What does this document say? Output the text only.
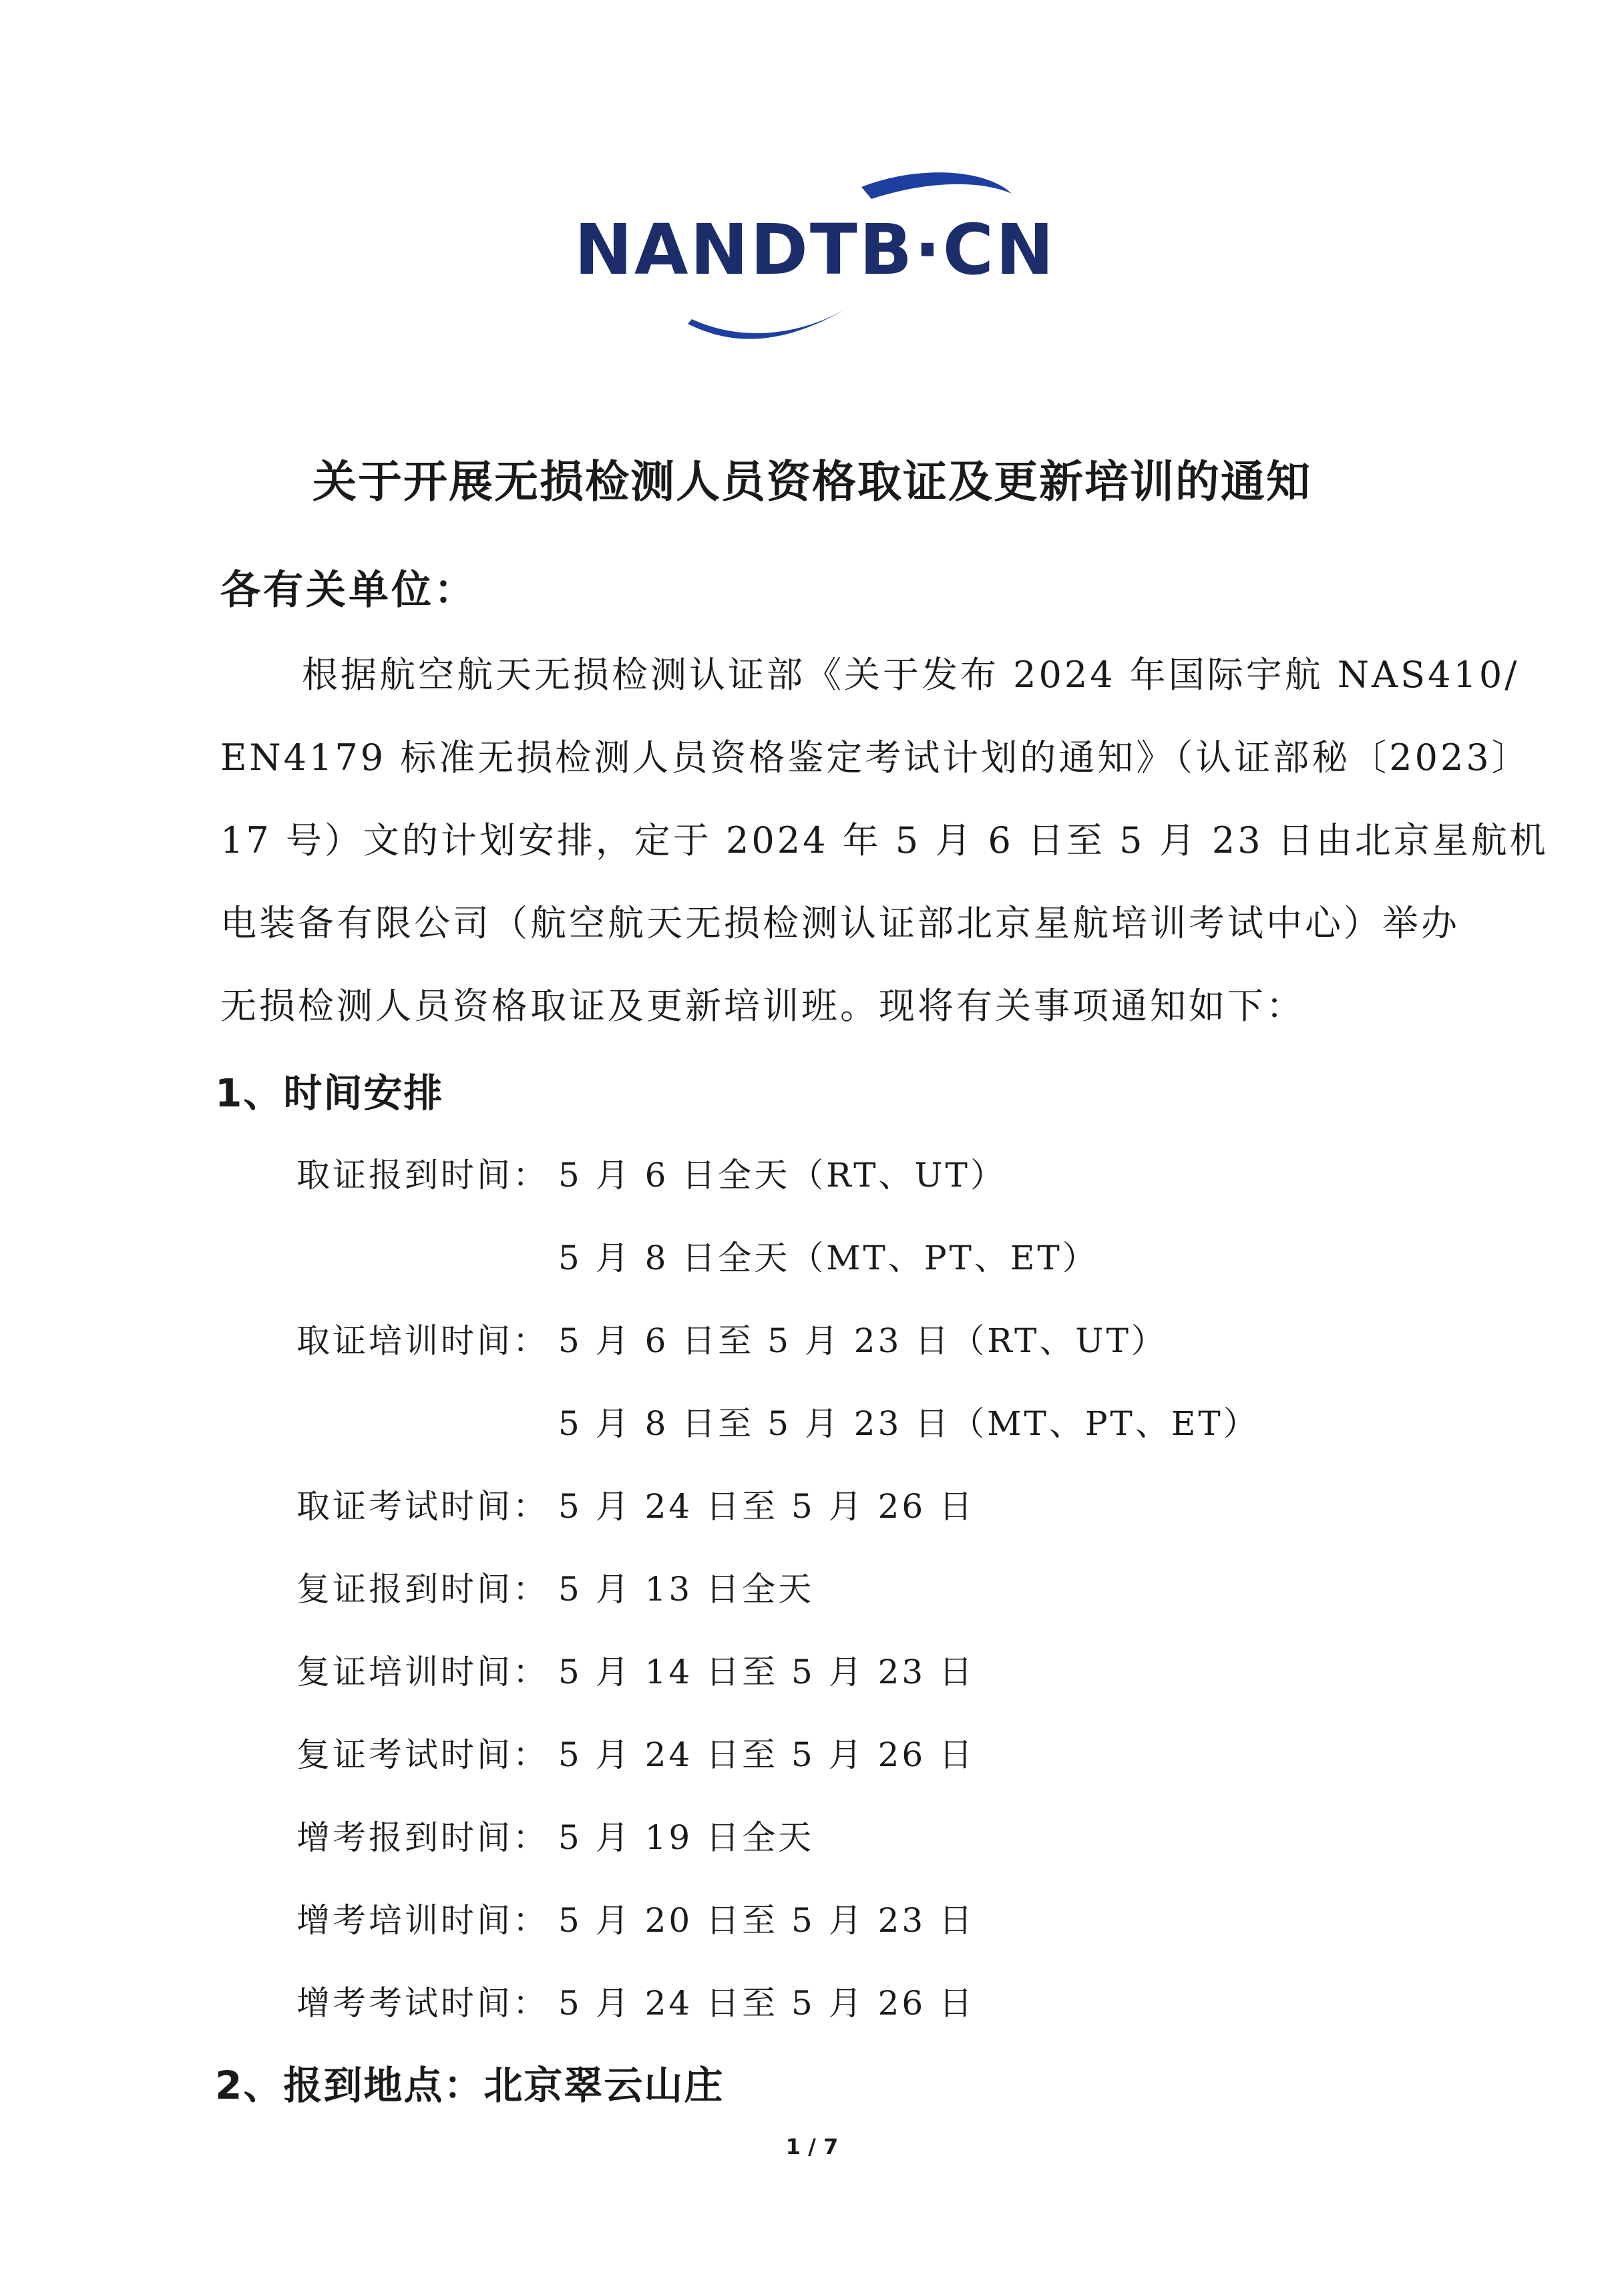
NANDTB·CN
关于开展无损检测人员资格取证及更新培训的通知
各有关单位：
根据航空航天无损检测认证部《关于发布 2024 年国际宇航 NAS410/
EN4179 标准无损检测人员资格鉴定考试计划的通知》（认证部秘〔2023〕
17 号）文的计划安排，定于 2024 年 5 月 6 日至 5 月 23 日由北京星航机
电装备有限公司（航空航天无损检测认证部北京星航培训考试中心）举办
无损检测人员资格取证及更新培训班。现将有关事项通知如下：
1、时间安排
取证报到时间： 5 月 6 日全天（RT、UT）
5 月 8 日全天（MT、PT、ET）
取证培训时间： 5 月 6 日至 5 月 23 日（RT、UT）
5 月 8 日至 5 月 23 日（MT、PT、ET）
取证考试时间： 5 月 24 日至 5 月 26 日
复证报到时间： 5 月 13 日全天
复证培训时间： 5 月 14 日至 5 月 23 日
复证考试时间： 5 月 24 日至 5 月 26 日
增考报到时间： 5 月 19 日全天
增考培训时间： 5 月 20 日至 5 月 23 日
增考考试时间： 5 月 24 日至 5 月 26 日
2、报到地点：北京翠云山庄
1 / 7
